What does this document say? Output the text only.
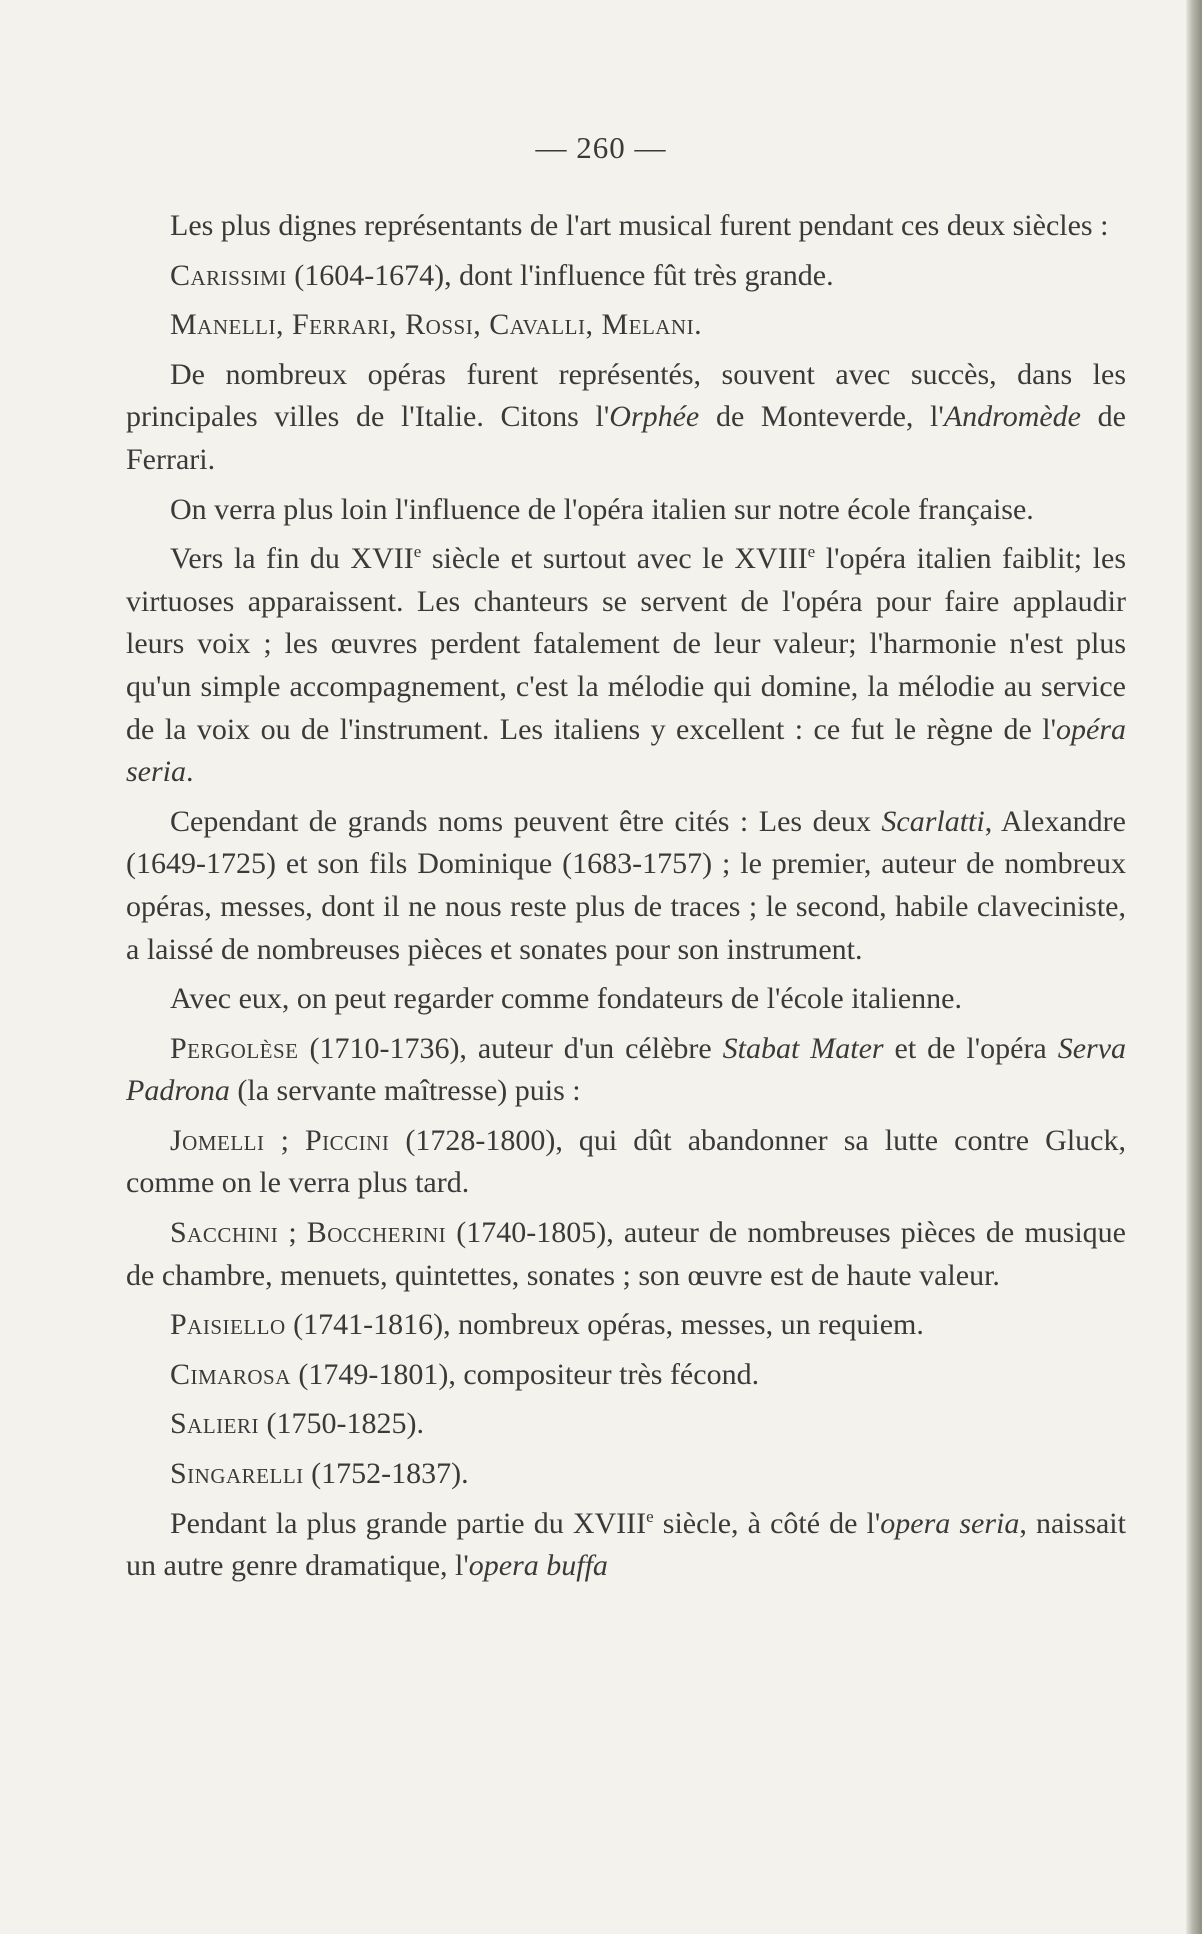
— 260 —

Les plus dignes représentants de l'art musical furent pendant ces deux siècles :

Carissimi (1604-1674), dont l'influence fût très grande.

Manelli, Ferrari, Rossi, Cavalli, Melani.

De nombreux opéras furent représentés, souvent avec succès, dans les principales villes de l'Italie. Citons l'Orphée de Monteverde, l'Andromède de Ferrari.

On verra plus loin l'influence de l'opéra italien sur notre école française.

Vers la fin du XVIIe siècle et surtout avec le XVIIIe l'opéra italien faiblit; les virtuoses apparaissent. Les chanteurs se servent de l'opéra pour faire applaudir leurs voix ; les œuvres perdent fatalement de leur valeur; l'harmonie n'est plus qu'un simple accompagnement, c'est la mélodie qui domine, la mélodie au service de la voix ou de l'instrument. Les italiens y excellent : ce fut le règne de l'opéra seria.

Cependant de grands noms peuvent être cités : Les deux Scarlatti, Alexandre (1649-1725) et son fils Dominique (1683-1757) ; le premier, auteur de nombreux opéras, messes, dont il ne nous reste plus de traces ; le second, habile claveciniste, a laissé de nombreuses pièces et sonates pour son instrument.

Avec eux, on peut regarder comme fondateurs de l'école italienne.

Pergolèse (1710-1736), auteur d'un célèbre Stabat Mater et de l'opéra Serva Padrona (la servante maîtresse) puis :

Jomelli ; Piccini (1728-1800), qui dût abandonner sa lutte contre Gluck, comme on le verra plus tard.

Sacchini ; Boccherini (1740-1805), auteur de nombreuses pièces de musique de chambre, menuets, quintettes, sonates ; son œuvre est de haute valeur.

Paisiello (1741-1816), nombreux opéras, messes, un requiem.

Cimarosa (1749-1801), compositeur très fécond.

Salieri (1750-1825).

Singarelli (1752-1837).

Pendant la plus grande partie du XVIIIe siècle, à côté de l'opera seria, naissait un autre genre dramatique, l'opera buffa
